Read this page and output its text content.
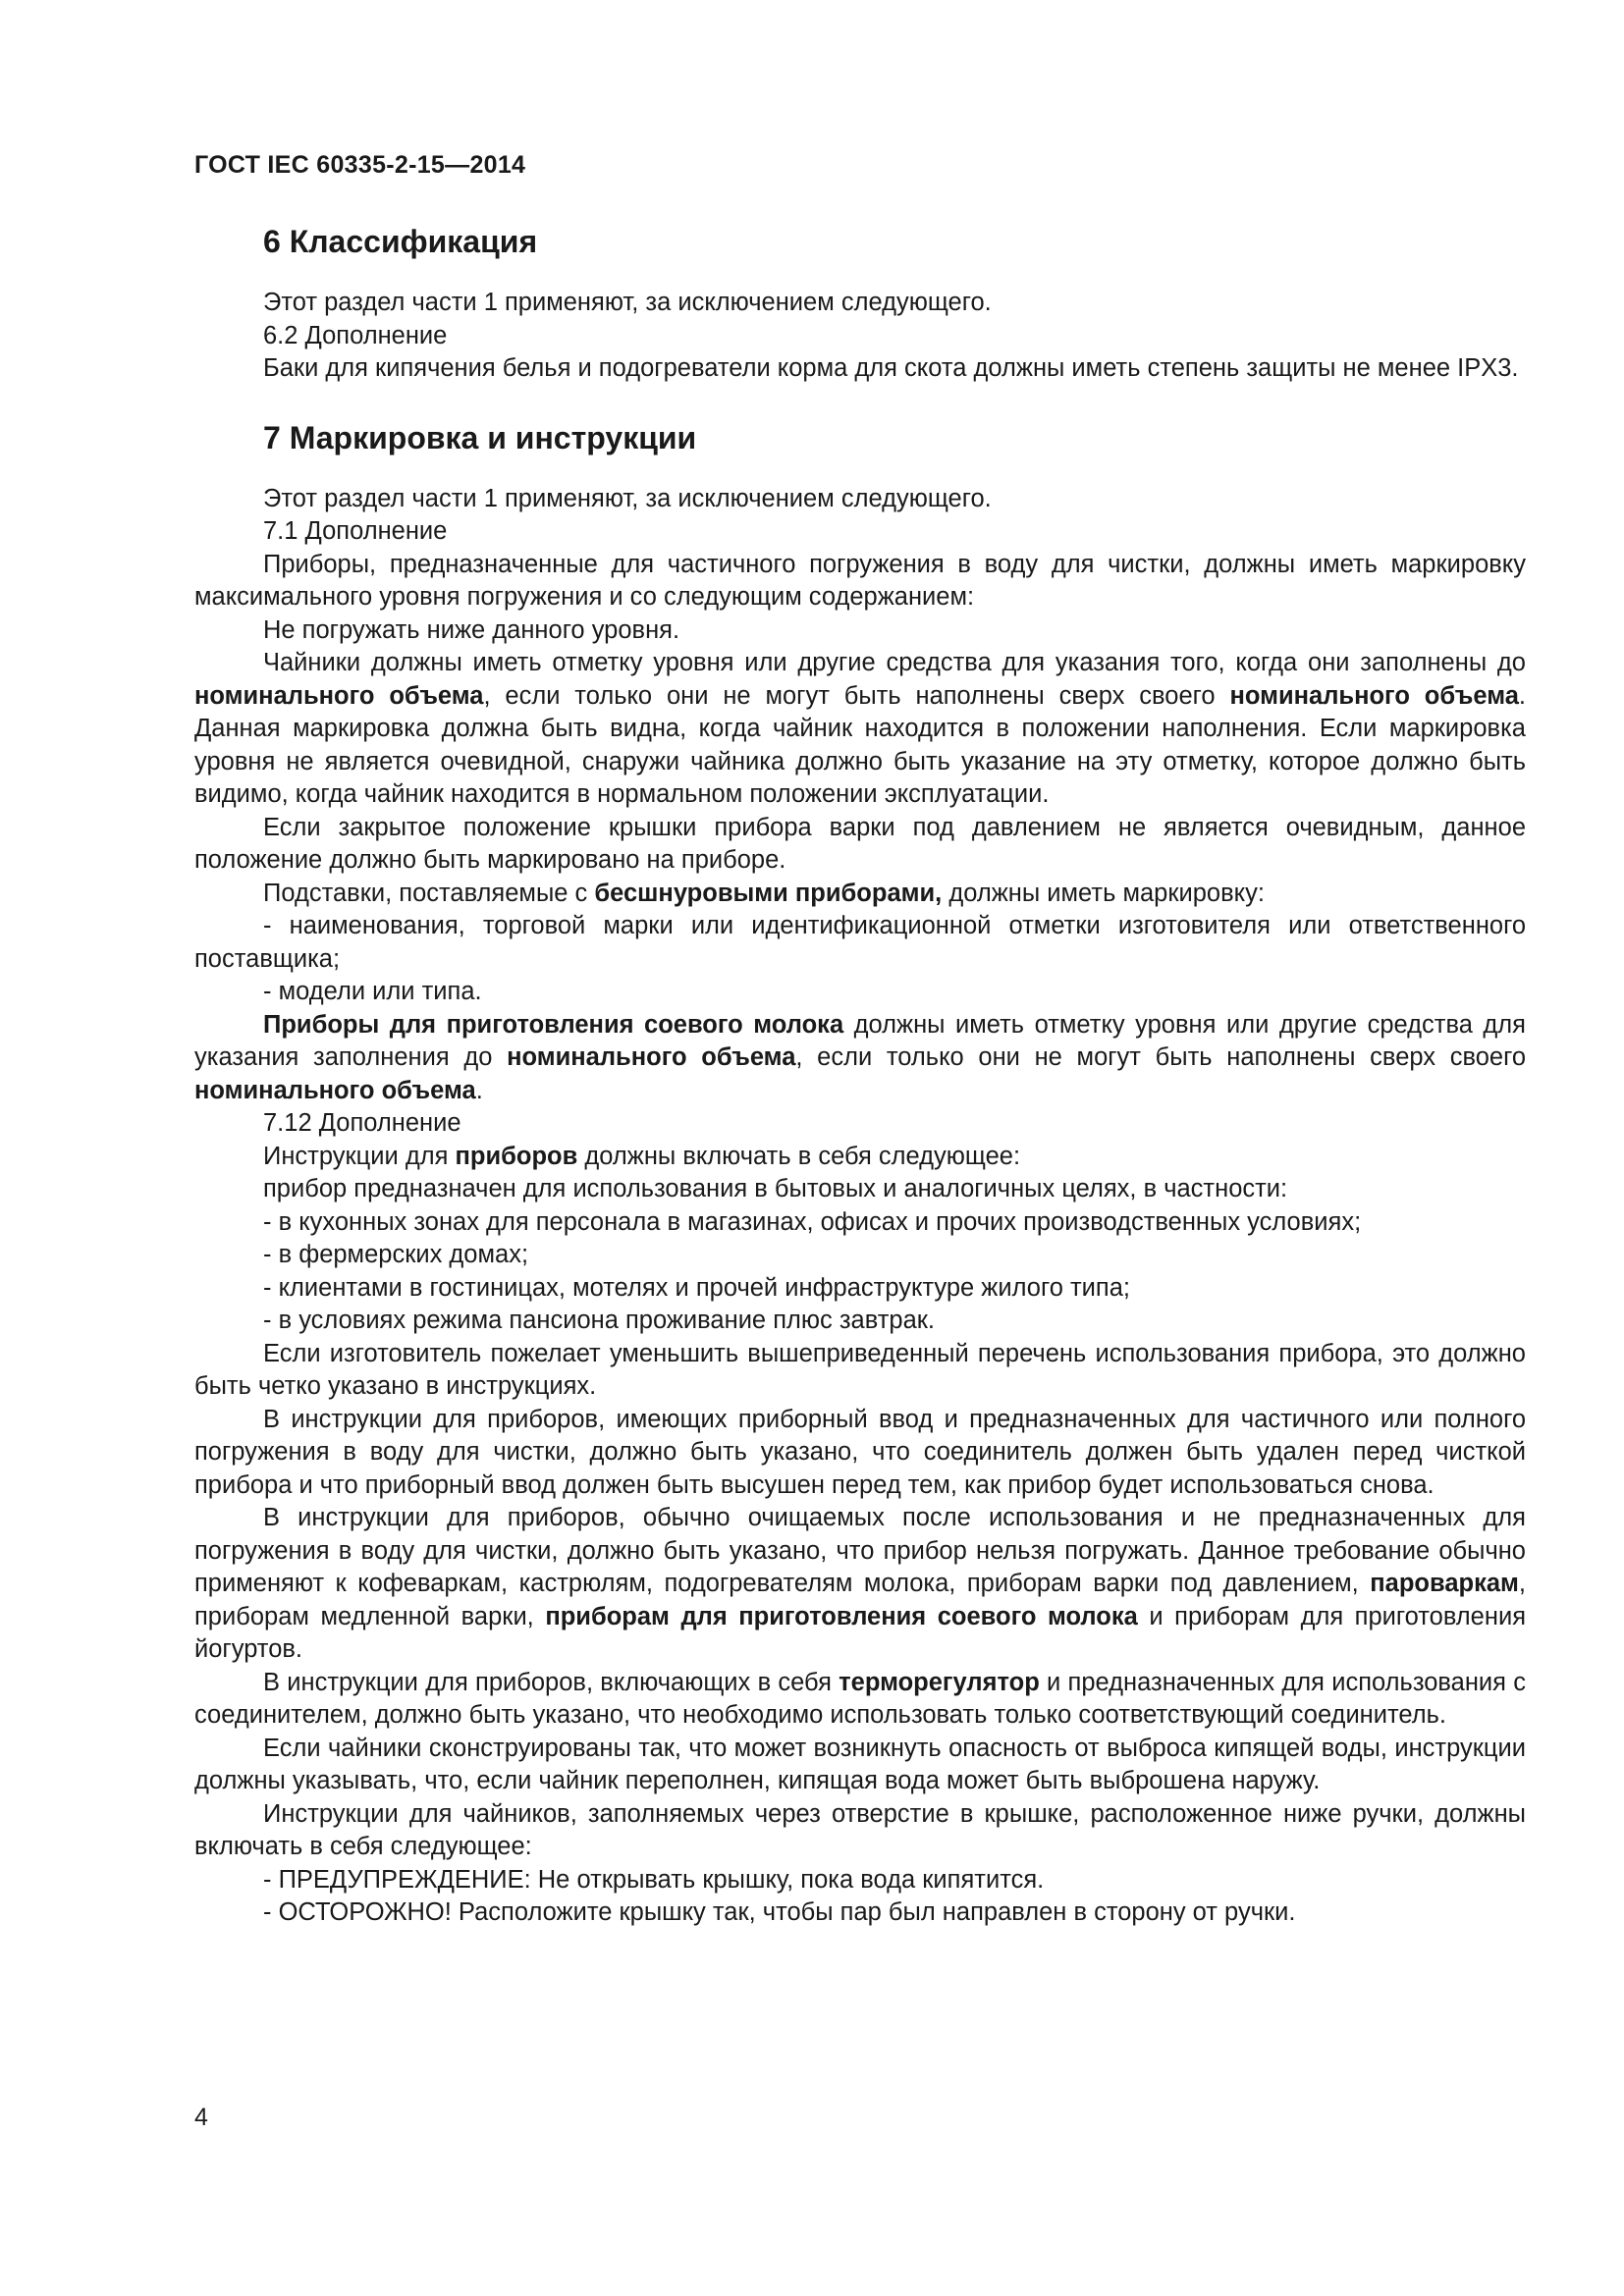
ГОСТ IEC 60335-2-15—2014
6 Классификация

Этот раздел части 1 применяют, за исключением следующего.

6.2 Дополнение

Баки для кипячения белья и подогреватели корма для скота должны иметь степень защиты не менее IPX3.

7 Маркировка и инструкции

Этот раздел части 1 применяют, за исключением следующего.

7.1 Дополнение

Приборы, предназначенные для частичного погружения в воду для чистки, должны иметь маркировку максимального уровня погружения и со следующим содержанием:

Не погружать ниже данного уровня.

Чайники должны иметь отметку уровня или другие средства для указания того, когда они заполнены до номинального объема, если только они не могут быть наполнены сверх своего номинального объема. Данная маркировка должна быть видна, когда чайник находится в положении наполнения. Если маркировка уровня не является очевидной, снаружи чайника должно быть указание на эту отметку, которое должно быть видимо, когда чайник находится в нормальном положении эксплуатации.

Если закрытое положение крышки прибора варки под давлением не является очевидным, данное положение должно быть маркировано на приборе.

Подставки, поставляемые с бесшнуровыми приборами, должны иметь маркировку:

- наименования, торговой марки или идентификационной отметки изготовителя или ответственного поставщика;

- модели или типа.

Приборы для приготовления соевого молока должны иметь отметку уровня или другие средства для указания заполнения до номинального объема, если только они не могут быть наполнены сверх своего номинального объема.

7.12 Дополнение

Инструкции для приборов должны включать в себя следующее:

прибор предназначен для использования в бытовых и аналогичных целях, в частности:

- в кухонных зонах для персонала в магазинах, офисах и прочих производственных условиях;

- в фермерских домах;

- клиентами в гостиницах, мотелях и прочей инфраструктуре жилого типа;

- в условиях режима пансиона проживание плюс завтрак.

Если изготовитель пожелает уменьшить вышеприведенный перечень использования прибора, это должно быть четко указано в инструкциях.

В инструкции для приборов, имеющих приборный ввод и предназначенных для частичного или полного погружения в воду для чистки, должно быть указано, что соединитель должен быть удален перед чисткой прибора и что приборный ввод должен быть высушен перед тем, как прибор будет использоваться снова.

В инструкции для приборов, обычно очищаемых после использования и не предназначенных для погружения в воду для чистки, должно быть указано, что прибор нельзя погружать. Данное требование обычно применяют к кофеваркам, кастрюлям, подогревателям молока, приборам варки под давлением, пароваркам, приборам медленной варки, приборам для приготовления соевого молока и приборам для приготовления йогуртов.

В инструкции для приборов, включающих в себя терморегулятор и предназначенных для использования с соединителем, должно быть указано, что необходимо использовать только соответствующий соединитель.

Если чайники сконструированы так, что может возникнуть опасность от выброса кипящей воды, инструкции должны указывать, что, если чайник переполнен, кипящая вода может быть выброшена наружу.

Инструкции для чайников, заполняемых через отверстие в крышке, расположенное ниже ручки, должны включать в себя следующее:

- ПРЕДУПРЕЖДЕНИЕ: Не открывать крышку, пока вода кипятится.

- ОСТОРОЖНО! Расположите крышку так, чтобы пар был направлен в сторону от ручки.

4
